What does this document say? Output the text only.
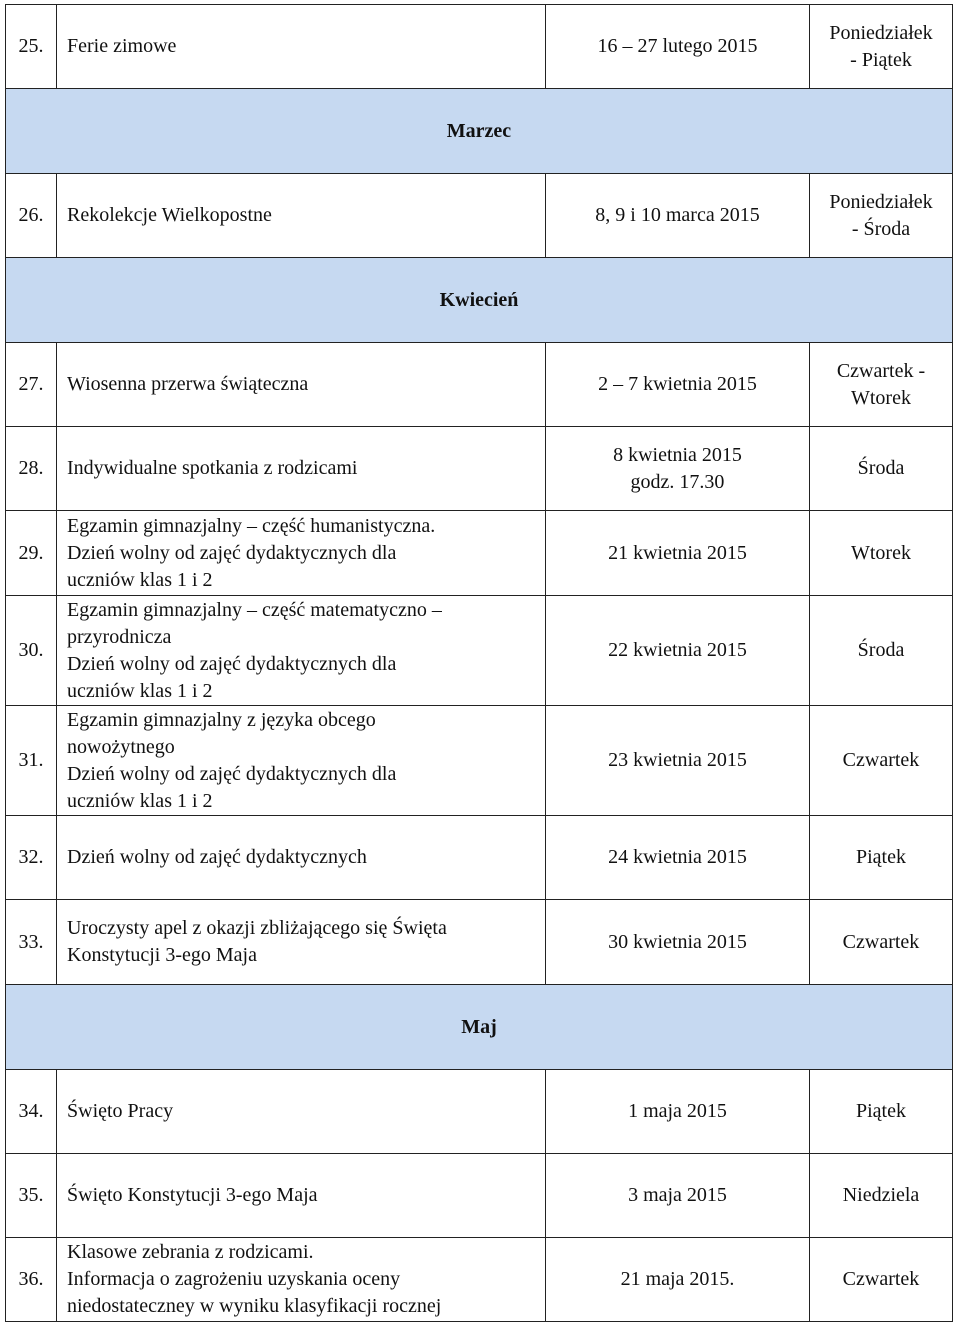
25.	Ferie zimowe	16 – 27 lutego 2015	Poniedziałek
- Piątek

Marzec			
26.	Rekolekcje Wielkopostne	8, 9 i 10 marca 2015	Poniedziałek
- Środa

Kwiecień			
27.	Wiosenna przerwa świąteczna	2 – 7 kwietnia 2015	Czwartek -
Wtorek

28.	Indywidualne spotkania z rodzicami	8 kwietnia 2015
godz. 17.30	Środa

29.	Egzamin gimnazjalny – część humanistyczna.
Dzień wolny od zajęć dydaktycznych dla
uczniów klas 1 i 2	21 kwietnia 2015	Wtorek

30.	Egzamin gimnazjalny – część matematyczno –
przyrodnicza
Dzień wolny od zajęć dydaktycznych dla
uczniów klas 1 i 2	22 kwietnia 2015	Środa

31.	Egzamin gimnazjalny z języka obcego
nowożytnego
Dzień wolny od zajęć dydaktycznych dla
uczniów klas 1 i 2	23 kwietnia 2015	Czwartek

32.	Dzień wolny od zajęć dydaktycznych	24 kwietnia 2015	Piątek

33.	Uroczysty apel z okazji zbliżającego się Święta
Konstytucji 3-ego Maja	30 kwietnia 2015	Czwartek

Maj			
34.	Święto Pracy	1 maja 2015	Piątek

35.	Święto Konstytucji 3-ego Maja	3 maja 2015	Niedziela

36.	Klasowe zebrania z rodzicami.
Informacja o zagrożeniu uzyskania oceny
niedostateczney w wyniku klasyfikacji rocznej	21 maja 2015.	Czwartek
